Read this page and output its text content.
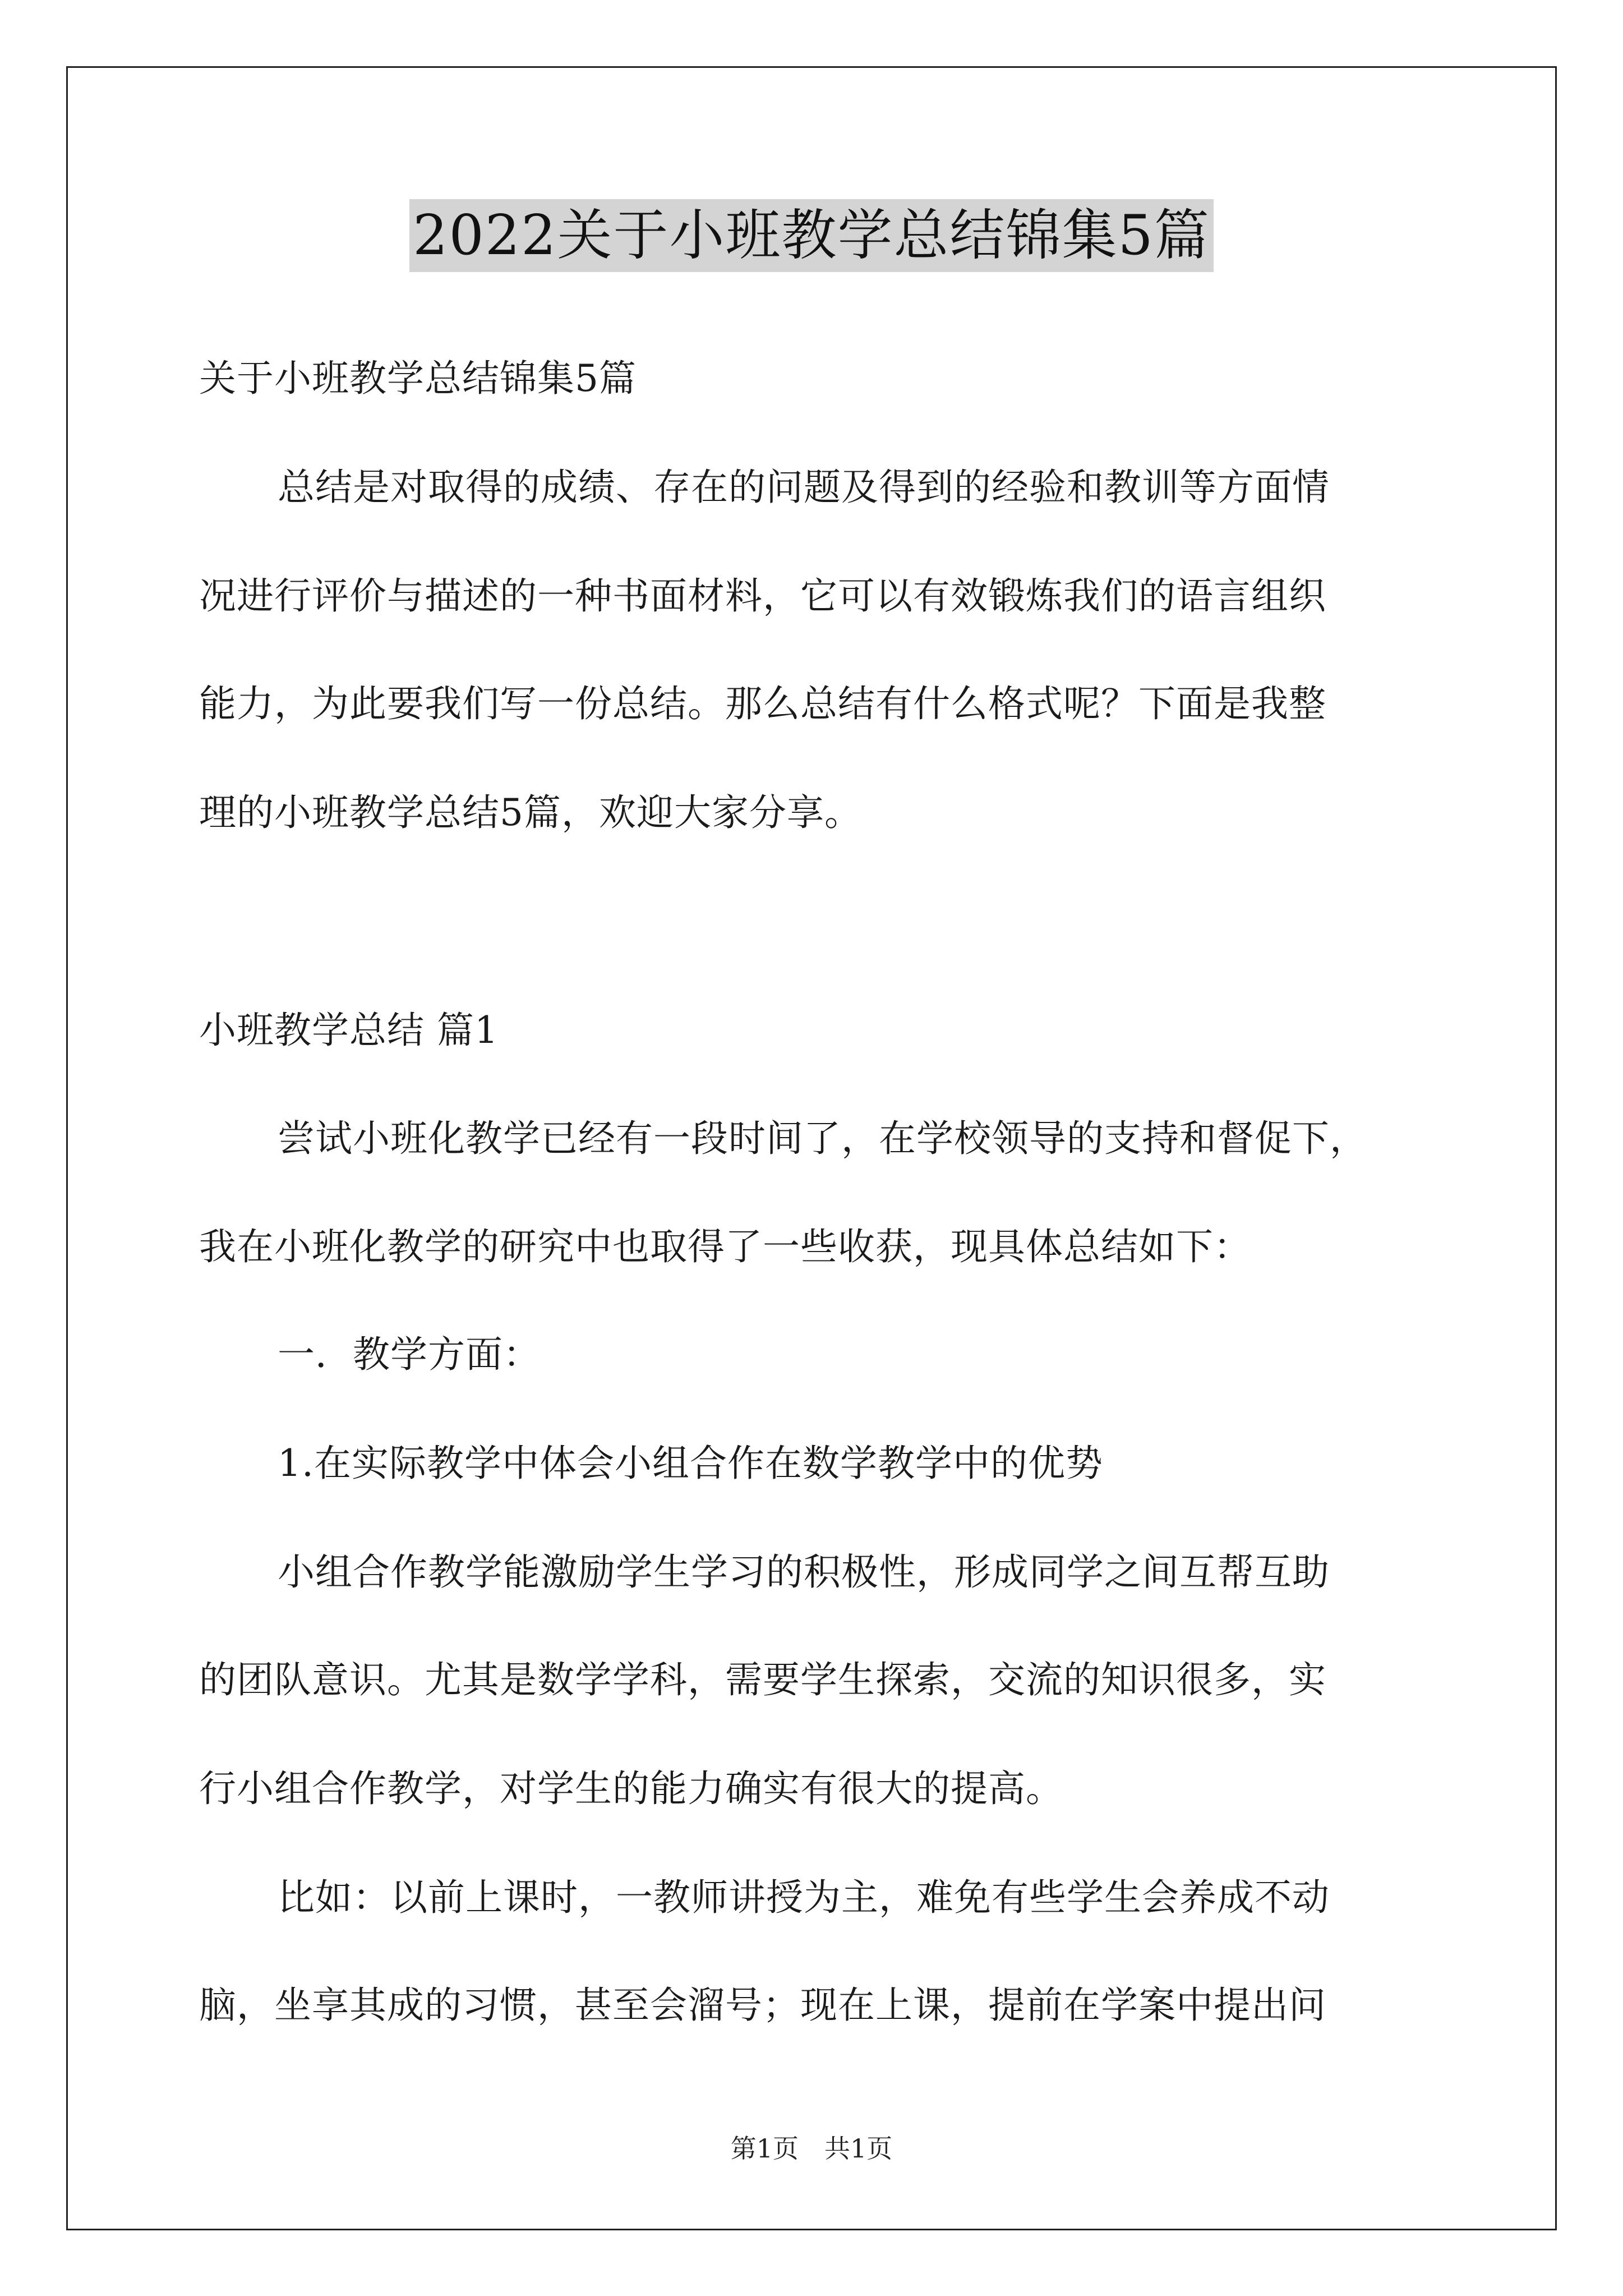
2022关于小班教学总结锦集5篇
关于小班教学总结锦集5篇
总结是对取得的成绩、存在的问题及得到的经验和教训等方面情
况进行评价与描述的一种书面材料，它可以有效锻炼我们的语言组织
能力，为此要我们写一份总结。那么总结有什么格式呢？下面是我整
理的小班教学总结5篇，欢迎大家分享。
小班教学总结 篇1
尝试小班化教学已经有一段时间了，在学校领导的支持和督促下，
我在小班化教学的研究中也取得了一些收获，现具体总结如下：
一．教学方面：
1.在实际教学中体会小组合作在数学教学中的优势
小组合作教学能激励学生学习的积极性，形成同学之间互帮互助
的团队意识。尤其是数学学科，需要学生探索，交流的知识很多，实
行小组合作教学，对学生的能力确实有很大的提高。
比如：以前上课时，一教师讲授为主，难免有些学生会养成不动
脑，坐享其成的习惯，甚至会溜号；现在上课，提前在学案中提出问
第1页　共1页
